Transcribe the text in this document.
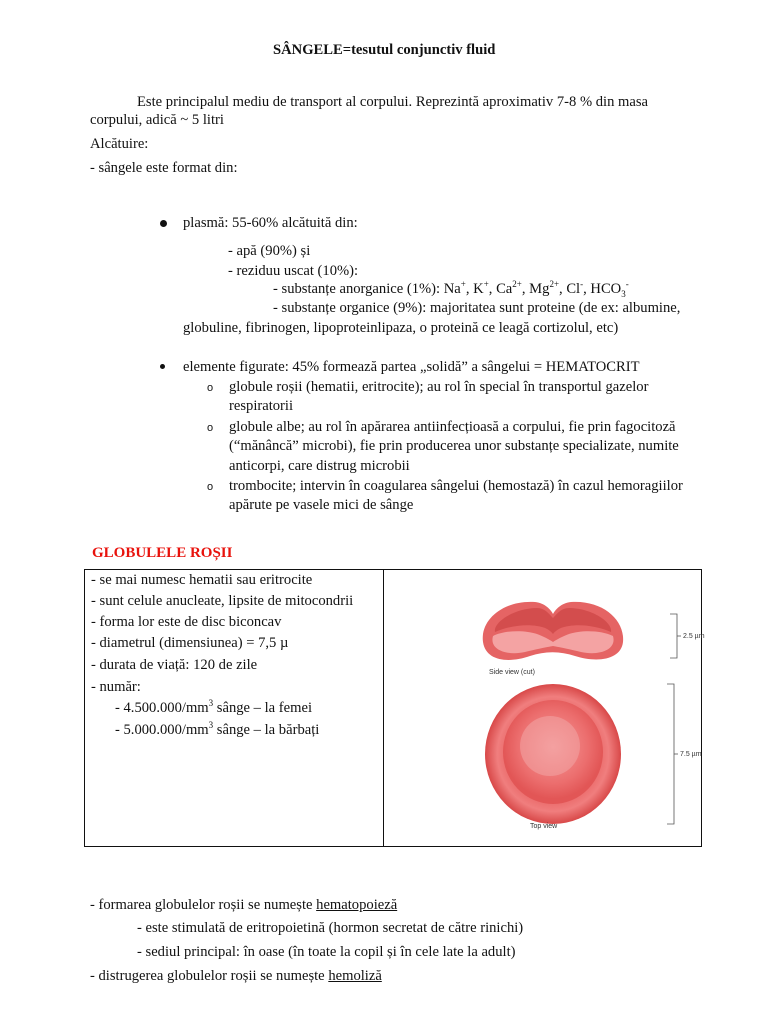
SÂNGELE=tesutul conjunctiv fluid
Este principalul mediu de transport al corpului. Reprezintă aproximativ 7-8 % din masa
corpului, adică ~ 5 litri
Alcătuire:
- sângele este format din:
plasmă: 55-60% alcătuită din:
- apă (90%) și
- reziduu uscat (10%):
- substanțe anorganice (1%): Na+, K+, $Ca^{2+}$, $Mg^{2+}$, Cl-, $HCO_3^-$
- substanțe organice (9%): majoritatea sunt proteine (de ex: albumine,
globuline, fibrinogen, lipoproteinlipaza, o proteină ce leagă cortizolul, etc)
elemente figurate: 45% formează partea „solidă” a sângelui = HEMATOCRIT
o globule roșii (hematii, eritrocite); au rol în special în transportul gazelor
respiratorii
o globule albe; au rol în apărarea antiinfecțioasă a corpului, fie prin fagocitoză
(“mănâncă” microbi), fie prin producerea unor substanțe specializate, numite
anticorpi, care distrug microbii
o trombocite; intervin în coagularea sângelui (hemostază) în cazul hemoragiilor
apărute pe vasele mici de sânge
GLOBULELE ROȘII
- se mai numesc hematii sau eritrocite
- sunt celule anucleate, lipsite de mitocondrii
- forma lor este de disc biconcav
- diametrul (dimensiunea) = 7,5 µ
- durata de viață: 120 de zile
- număr:
- $4.500.000/mm^3$ sânge – la femei
- $5.000.000/mm^3$ sânge – la bărbați
2.5 µm
Side view (cut)
7.5 µm
Top view
- formarea globulelor roșii se numește hematopoieză
- este stimulată de eritropoietină (hormon secretat de către rinichi)
- sediul principal: în oase (în toate la copil și în cele late la adult)
- distrugerea globulelor roșii se numește hemoliză
